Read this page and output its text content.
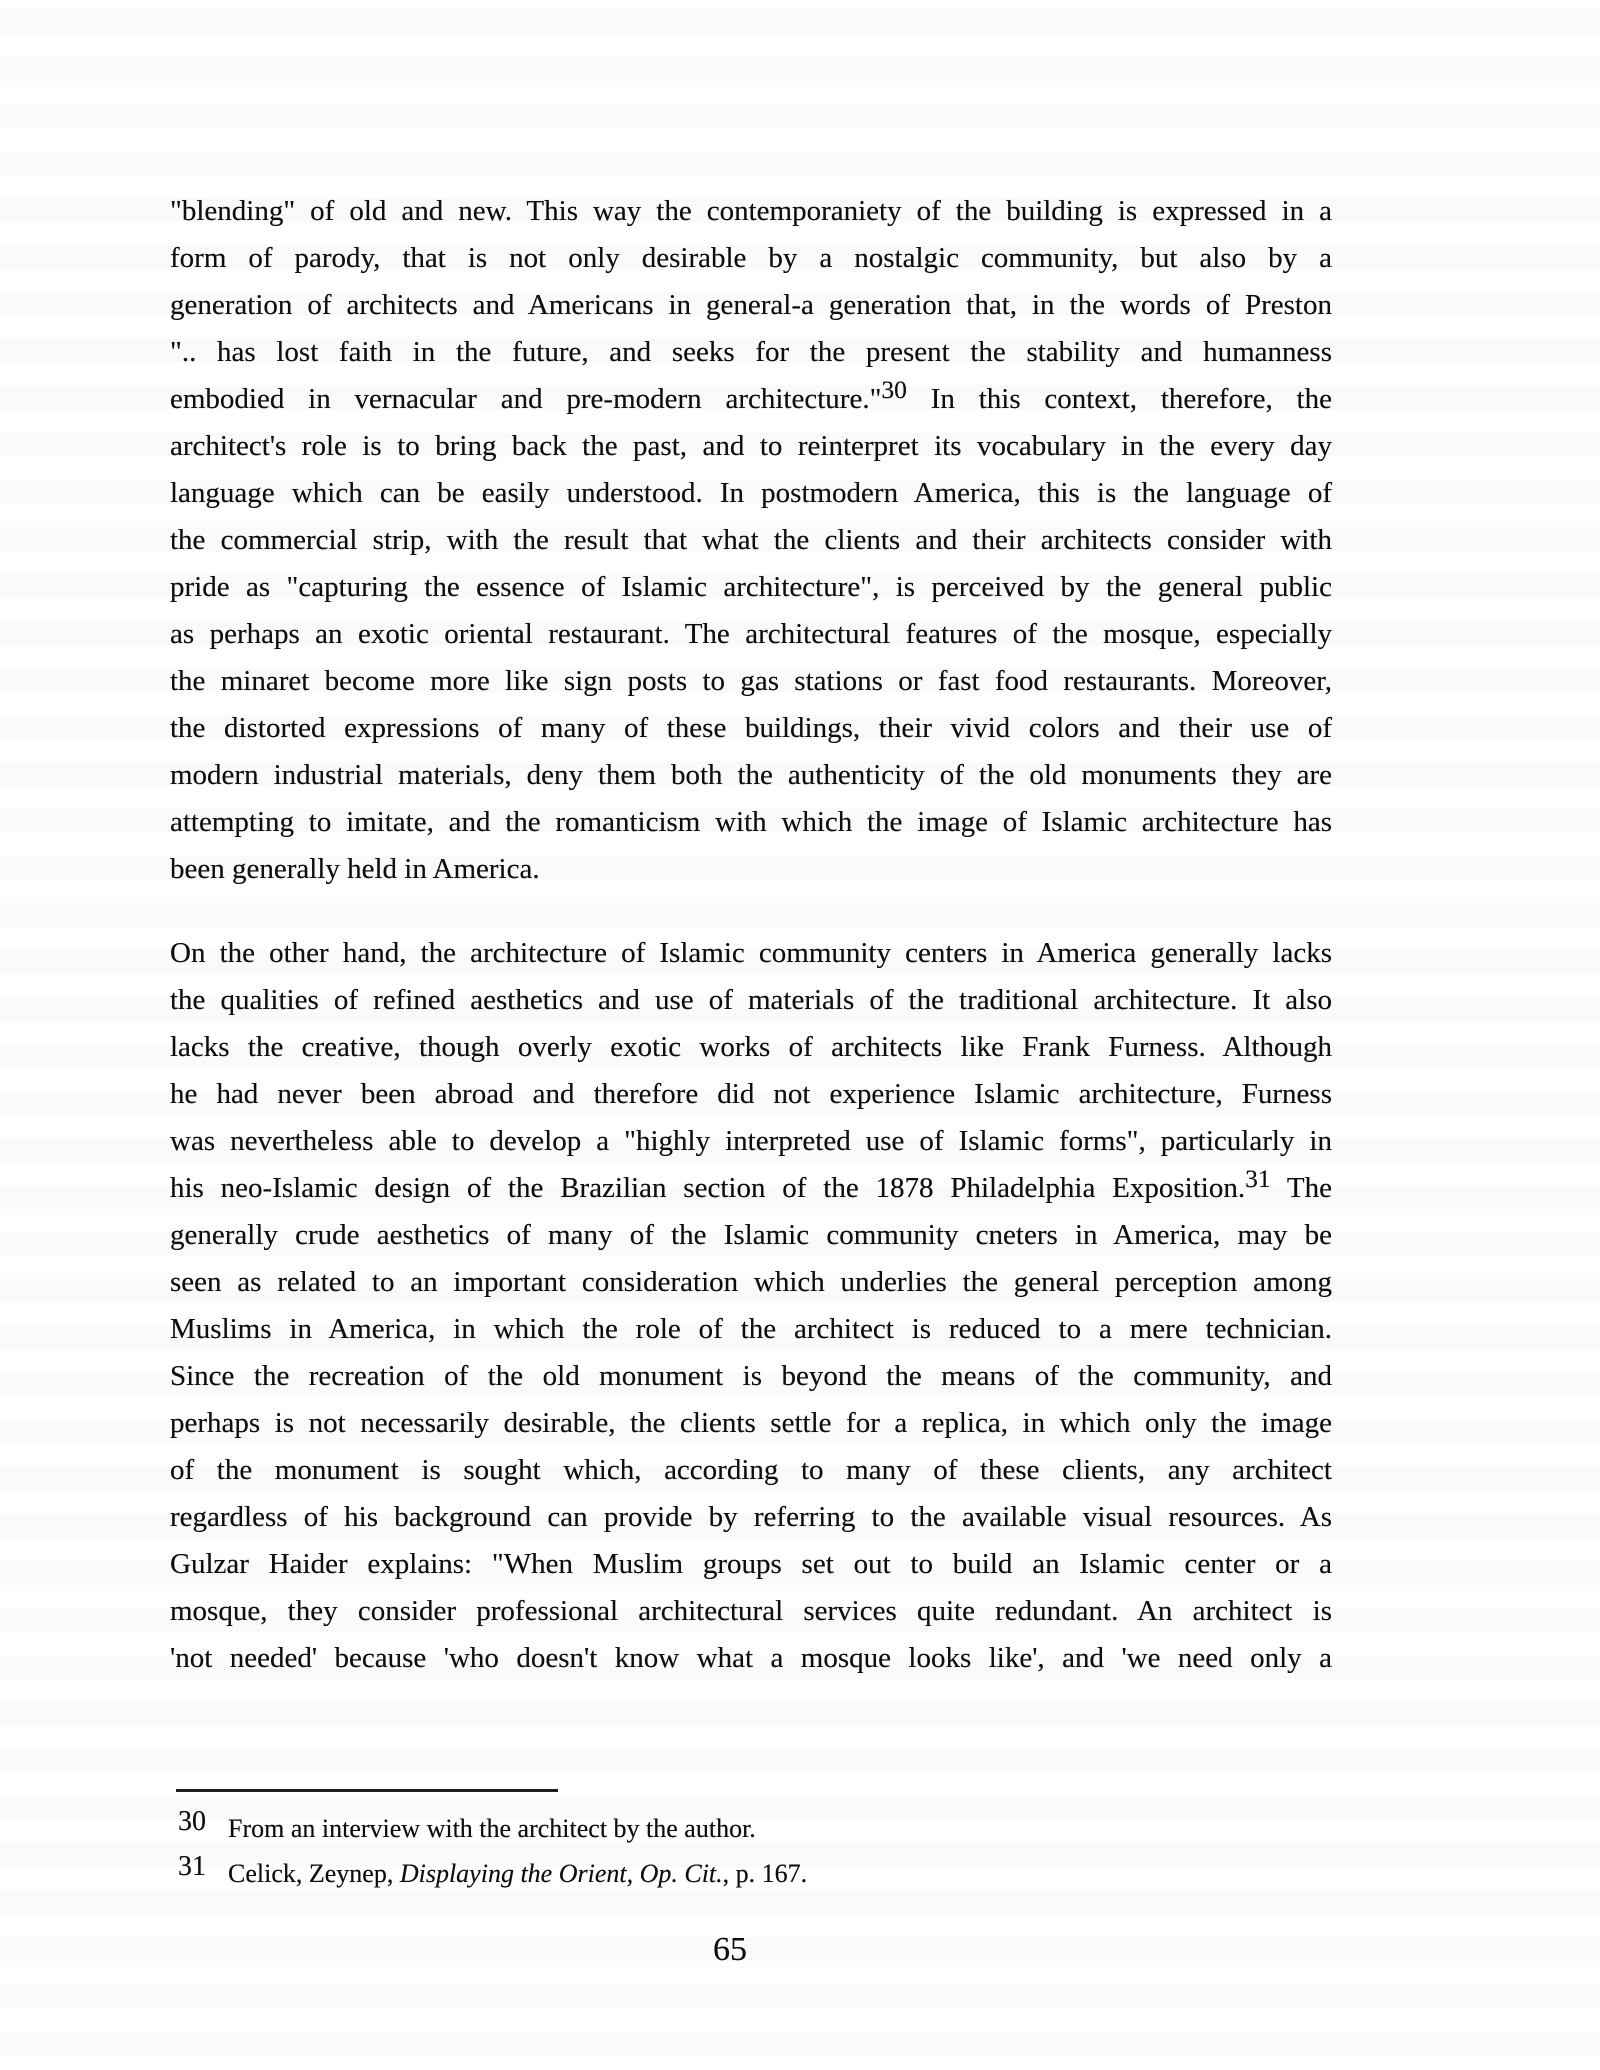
"blending" of old and new. This way the contemporaniety of the building is expressed in a
form of parody, that is not only desirable by a nostalgic community, but also by a
generation of architects and Americans in general-a generation that, in the words of Preston
".. has lost faith in the future, and seeks for the present the stability and humanness
embodied in vernacular and pre-modern architecture."30 In this context, therefore, the
architect's role is to bring back the past, and to reinterpret its vocabulary in the every day
language which can be easily understood. In postmodern America, this is the language of
the commercial strip, with the result that what the clients and their architects consider with
pride as "capturing the essence of Islamic architecture", is perceived by the general public
as perhaps an exotic oriental restaurant. The architectural features of the mosque, especially
the minaret become more like sign posts to gas stations or fast food restaurants. Moreover,
the distorted expressions of many of these buildings, their vivid colors and their use of
modern industrial materials, deny them both the authenticity of the old monuments they are
attempting to imitate, and the romanticism with which the image of Islamic architecture has
been generally held in America.
On the other hand, the architecture of Islamic community centers in America generally lacks
the qualities of refined aesthetics and use of materials of the traditional architecture. It also
lacks the creative, though overly exotic works of architects like Frank Furness. Although
he had never been abroad and therefore did not experience Islamic architecture, Furness
was nevertheless able to develop a "highly interpreted use of Islamic forms", particularly in
his neo-Islamic design of the Brazilian section of the 1878 Philadelphia Exposition.31 The
generally crude aesthetics of many of the Islamic community cneters in America, may be
seen as related to an important consideration which underlies the general perception among
Muslims in America, in which the role of the architect is reduced to a mere technician.
Since the recreation of the old monument is beyond the means of the community, and
perhaps is not necessarily desirable, the clients settle for a replica, in which only the image
of the monument is sought which, according to many of these clients, any architect
regardless of his background can provide by referring to the available visual resources. As
Gulzar Haider explains: "When Muslim groups set out to build an Islamic center or a
mosque, they consider professional architectural services quite redundant. An architect is
'not needed' because 'who doesn't know what a mosque looks like', and 'we need only a
30 From an interview with the architect by the author.
31 Celick, Zeynep, Displaying the Orient, Op. Cit., p. 167.
65
